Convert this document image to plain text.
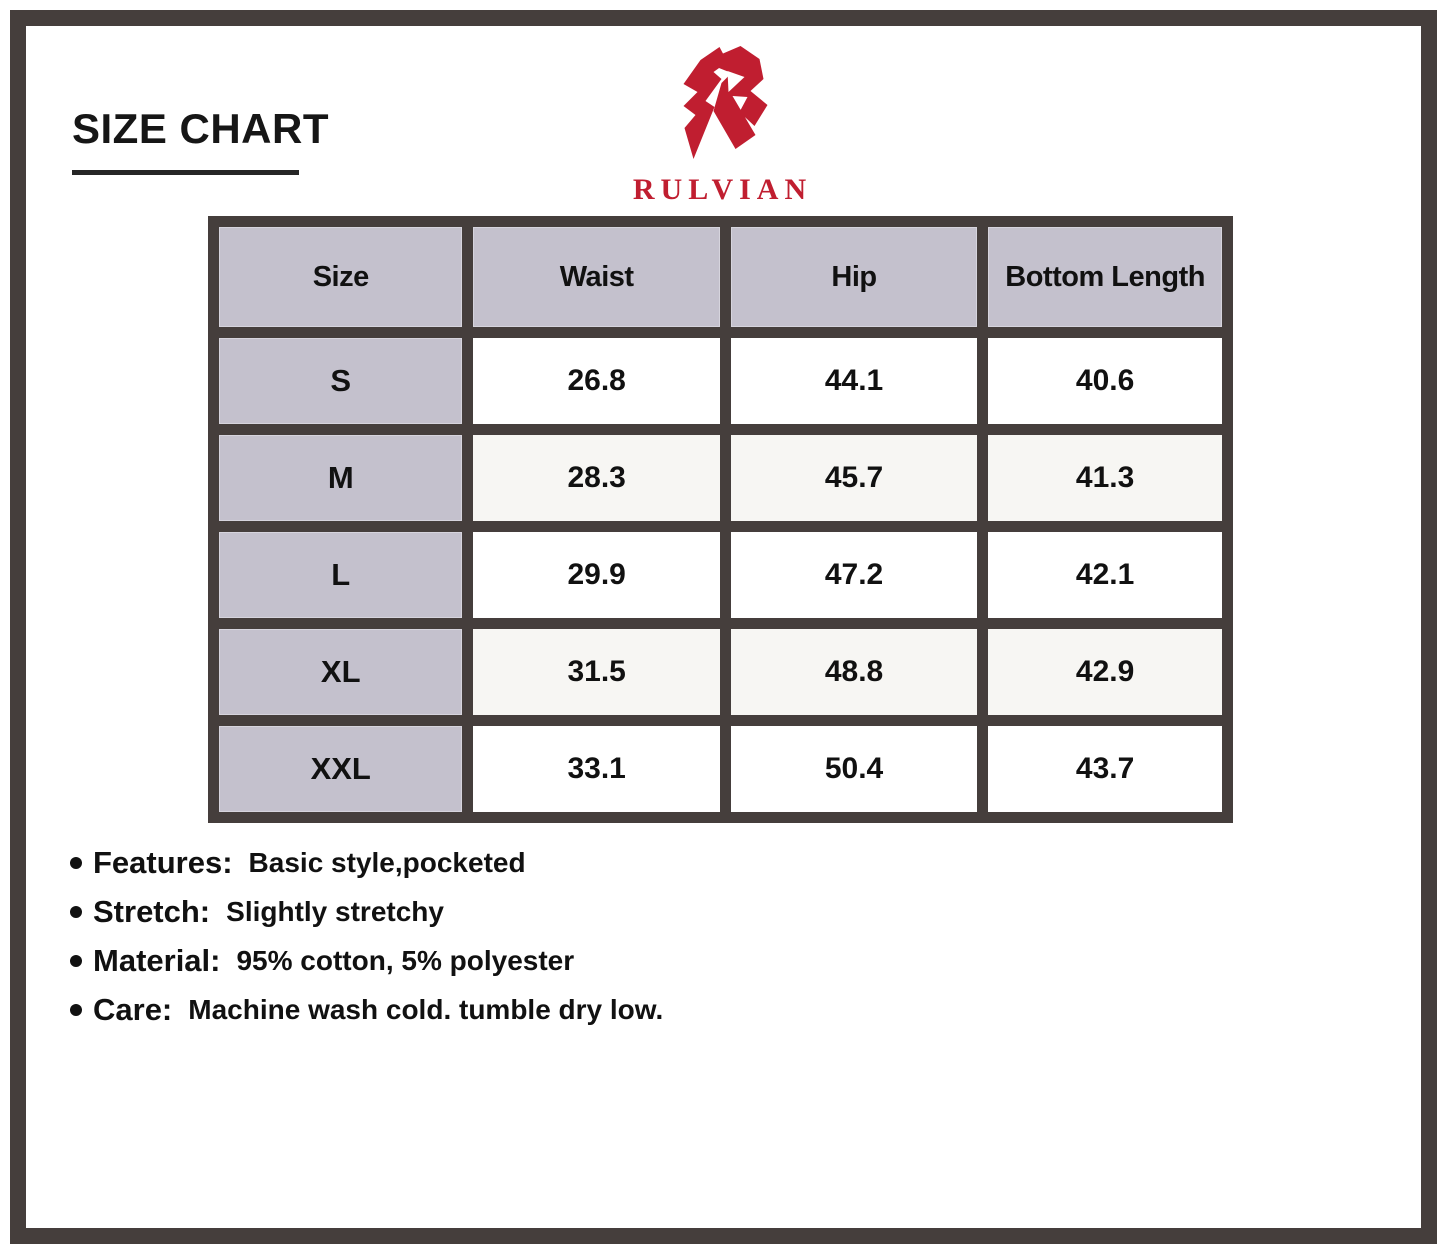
SIZE CHART
RULVIAN
Size	Waist	Hip	Bottom Length
S	26.8	44.1	40.6
M	28.3	45.7	41.3
L	29.9	47.2	42.1
XL	31.5	48.8	42.9
XXL	33.1	50.4	43.7
Features: Basic style,pocketed
Stretch: Slightly stretchy
Material: 95% cotton, 5% polyester
Care: Machine wash cold. tumble dry low.
